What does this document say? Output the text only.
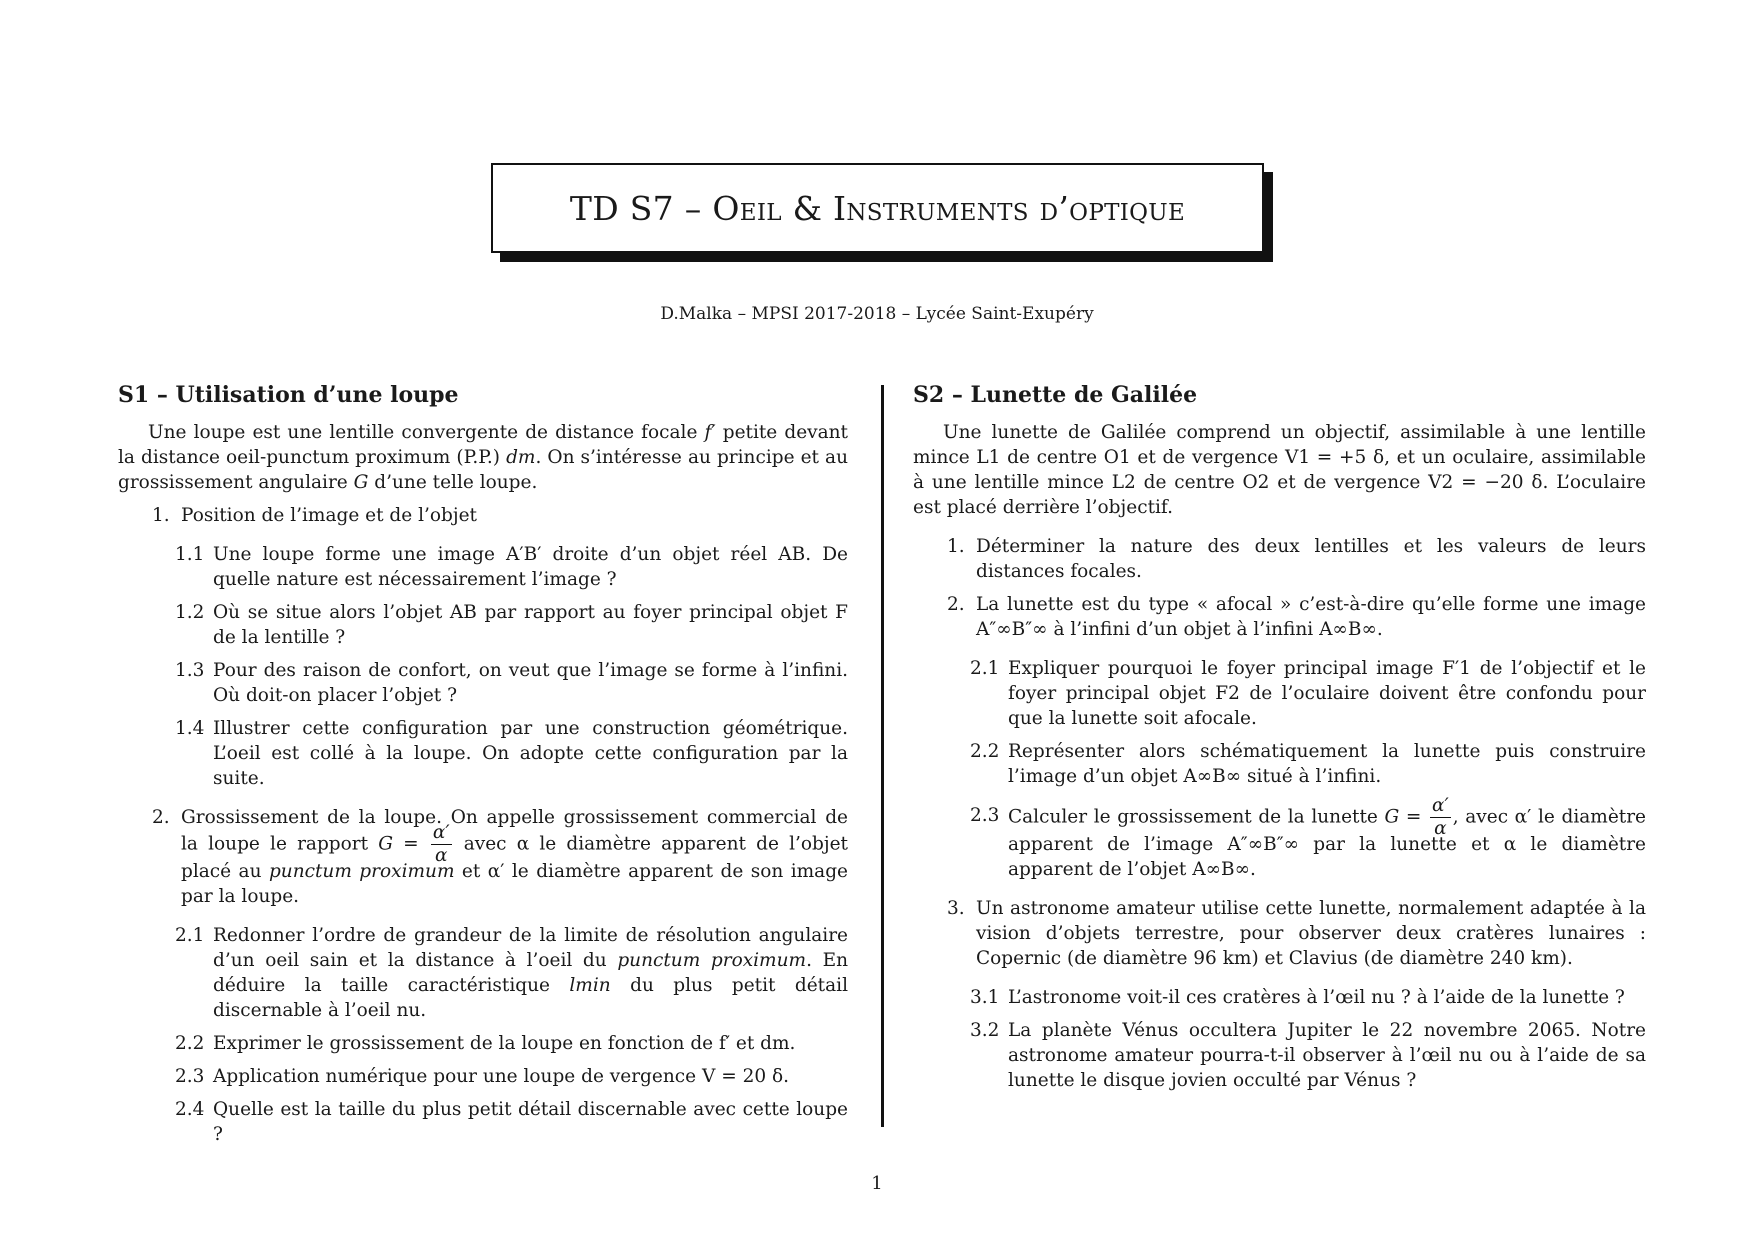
TD S7 – Oeil & Instruments d’optique
D.Malka – MPSI 2017-2018 – Lycée Saint-Exupéry
S1 – Utilisation d’une loupe

Une loupe est une lentille convergente de distance focale f′ petite devant la distance oeil-punctum proximum (P.P.) dm. On s’intéresse au principe et au grossissement angulaire G d’une telle loupe.

1. Position de l’image et de l’objet
1.1 Une loupe forme une image A′B′ droite d’un objet réel AB. De quelle nature est nécessairement l’image ?
1.2 Où se situe alors l’objet AB par rapport au foyer principal objet F de la lentille ?
1.3 Pour des raison de confort, on veut que l’image se forme à l’infini. Où doit-on placer l’objet ?
1.4 Illustrer cette configuration par une construction géométrique. L’oeil est collé à la loupe. On adopte cette configuration par la suite.
2. Grossissement de la loupe. On appelle grossissement commercial de la loupe le rapport $G = \frac{\alpha'}{\alpha}$ avec α le diamètre apparent de l’objet placé au punctum proximum et α′ le diamètre apparent de son image par la loupe.
2.1 Redonner l’ordre de grandeur de la limite de résolution angulaire d’un oeil sain et la distance à l’oeil du punctum proximum. En déduire la taille caractéristique lmin du plus petit détail discernable à l’oeil nu.
2.2 Exprimer le grossissement de la loupe en fonction de f′ et dm.
2.3 Application numérique pour une loupe de vergence V = 20 δ.
2.4 Quelle est la taille du plus petit détail discernable avec cette loupe ?
S2 – Lunette de Galilée

Une lunette de Galilée comprend un objectif, assimilable à une lentille mince L1 de centre O1 et de vergence V1 = +5 δ, et un oculaire, assimilable à une lentille mince L2 de centre O2 et de vergence V2 = −20 δ. L’oculaire est placé derrière l’objectif.

1. Déterminer la nature des deux lentilles et les valeurs de leurs distances focales.
2. La lunette est du type « afocal » c’est-à-dire qu’elle forme une image A″∞B″∞ à l’infini d’un objet à l’infini A∞B∞.
2.1 Expliquer pourquoi le foyer principal image F′1 de l’objectif et le foyer principal objet F2 de l’oculaire doivent être confondu pour que la lunette soit afocale.
2.2 Représenter alors schématiquement la lunette puis construire l’image d’un objet A∞B∞ situé à l’infini.
2.3 Calculer le grossissement de la lunette $G = \frac{\alpha'}{\alpha}$ , avec α′ le diamètre apparent de l’image A″∞B″∞ par la lunette et α le diamètre apparent de l’objet A∞B∞.
3. Un astronome amateur utilise cette lunette, normalement adaptée à la vision d’objets terrestre, pour observer deux cratères lunaires : Copernic (de diamètre 96 km) et Clavius (de diamètre 240 km).
3.1 L’astronome voit-il ces cratères à l’œil nu ? à l’aide de la lunette ?
3.2 La planète Vénus occultera Jupiter le 22 novembre 2065. Notre astronome amateur pourra-t-il observer à l’œil nu ou à l’aide de sa lunette le disque jovien occulté par Vénus ?
1
